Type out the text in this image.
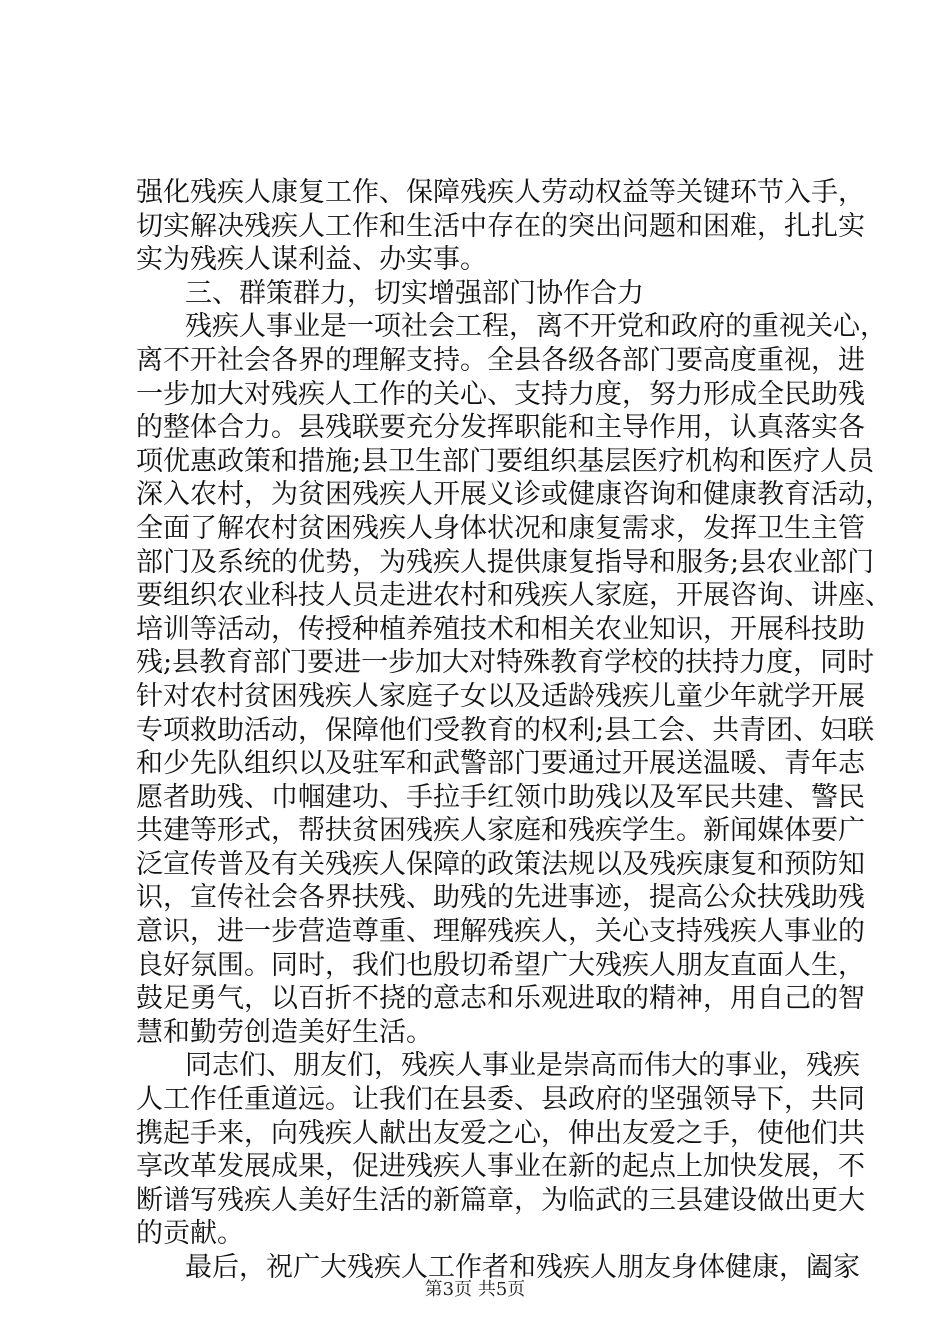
强化残疾人康复工作、保障残疾人劳动权益等关键环节入手，
切实解决残疾人工作和生活中存在的突出问题和困难，扎扎实
实为残疾人谋利益、办实事。
三、群策群力，切实增强部门协作合力
残疾人事业是一项社会工程，离不开党和政府的重视关心，
离不开社会各界的理解支持。全县各级各部门要高度重视，进
一步加大对残疾人工作的关心、支持力度，努力形成全民助残
的整体合力。县残联要充分发挥职能和主导作用，认真落实各
项优惠政策和措施;县卫生部门要组织基层医疗机构和医疗人员
深入农村，为贫困残疾人开展义诊或健康咨询和健康教育活动，
全面了解农村贫困残疾人身体状况和康复需求，发挥卫生主管
部门及系统的优势，为残疾人提供康复指导和服务;县农业部门
要组织农业科技人员走进农村和残疾人家庭，开展咨询、讲座、
培训等活动，传授种植养殖技术和相关农业知识，开展科技助
残;县教育部门要进一步加大对特殊教育学校的扶持力度，同时
针对农村贫困残疾人家庭子女以及适龄残疾儿童少年就学开展
专项救助活动，保障他们受教育的权利;县工会、共青团、妇联
和少先队组织以及驻军和武警部门要通过开展送温暖、青年志
愿者助残、巾帼建功、手拉手红领巾助残以及军民共建、警民
共建等形式，帮扶贫困残疾人家庭和残疾学生。新闻媒体要广
泛宣传普及有关残疾人保障的政策法规以及残疾康复和预防知
识，宣传社会各界扶残、助残的先进事迹，提高公众扶残助残
意识，进一步营造尊重、理解残疾人，关心支持残疾人事业的
良好氛围。同时，我们也殷切希望广大残疾人朋友直面人生，
鼓足勇气，以百折不挠的意志和乐观进取的精神，用自己的智
慧和勤劳创造美好生活。
同志们、朋友们，残疾人事业是崇高而伟大的事业，残疾
人工作任重道远。让我们在县委、县政府的坚强领导下，共同
携起手来，向残疾人献出友爱之心，伸出友爱之手，使他们共
享改革发展成果，促进残疾人事业在新的起点上加快发展，不
断谱写残疾人美好生活的新篇章，为临武的三县建设做出更大
的贡献。
最后，祝广大残疾人工作者和残疾人朋友身体健康，阖家
第3页 共5页
